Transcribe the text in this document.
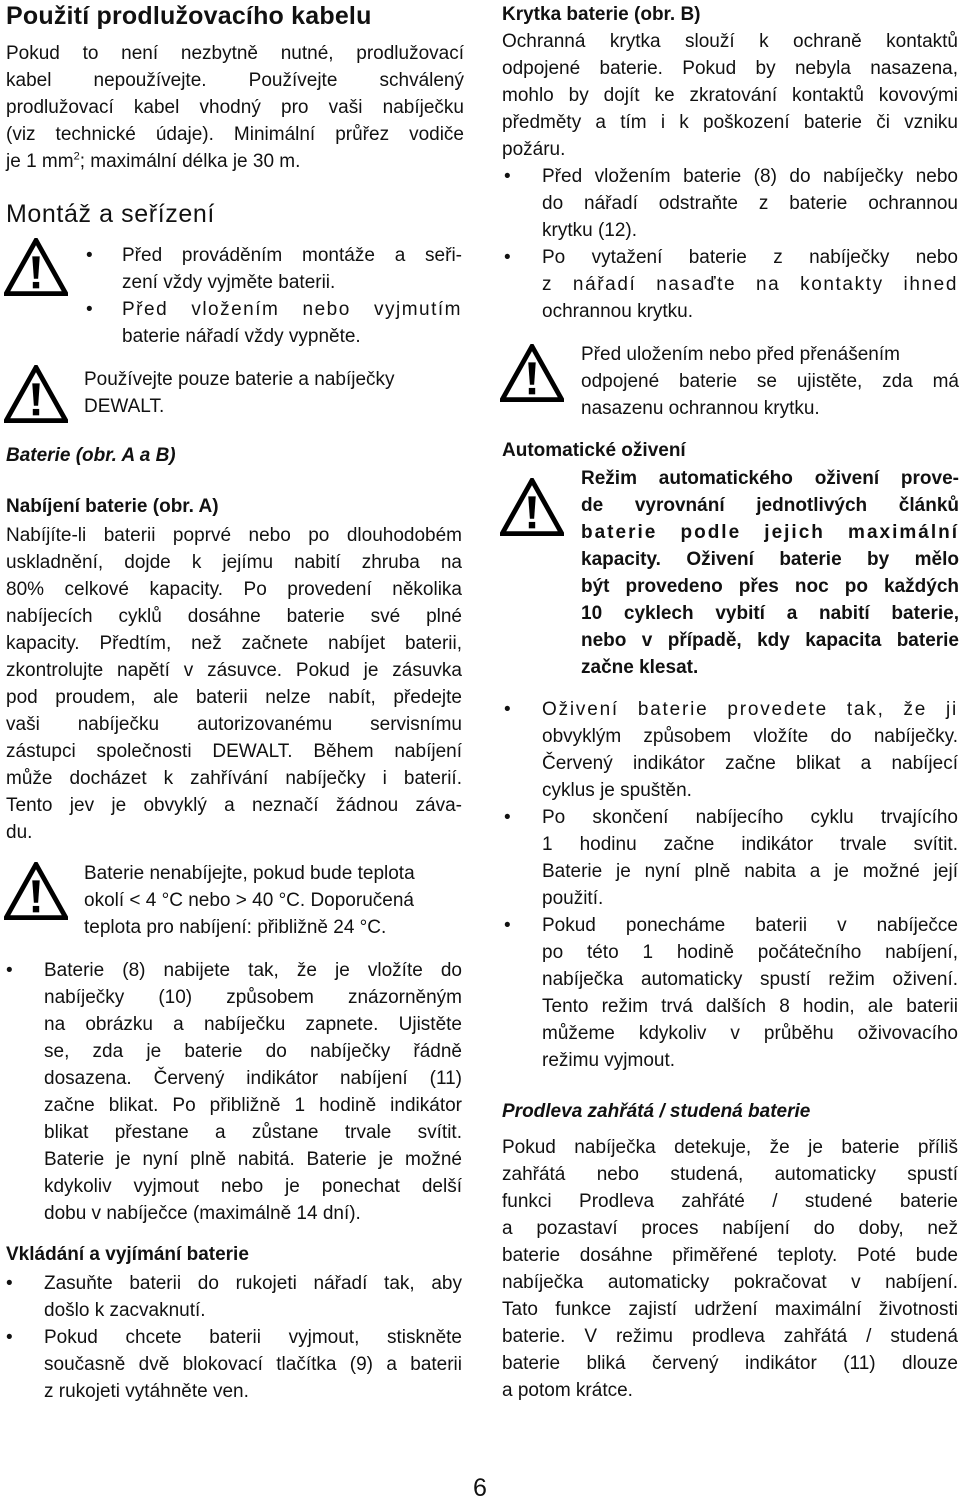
Použití prodlužovacího kabelu
Pokud to není nezbytně nutné, prodlužovací
kabel nepoužívejte. Používejte schválený
prodlužovací kabel vhodný pro vaši nabíječku
(viz technické údaje). Minimální průřez vodiče
je 1 $mm^2$; maximální délka je 30 m.
Montáž a seřízení
• Před prováděním montáže a seři-
zení vždy vyjměte baterii.
• Před vložením nebo vyjmutím
baterie nářadí vždy vypněte.
Používejte pouze baterie a nabíječky
DEWALT.
Baterie (obr. A a B)
Nabíjení baterie (obr. A)
Nabíjíte-li baterii poprvé nebo po dlouhodobém
uskladnění, dojde k jejímu nabití zhruba na
80% celkové kapacity. Po provedení několika
nabíjecích cyklů dosáhne baterie své plné
kapacity. Předtím, než začnete nabíjet baterii,
zkontrolujte napětí v zásuvce. Pokud je zásuvka
pod proudem, ale baterii nelze nabít, předejte
vaši nabíječku autorizovanému servisnímu
zástupci společnosti DEWALT. Během nabíjení
může docházet k zahřívání nabíječky i baterií.
Tento jev je obvyklý a neznačí žádnou záva-
du.
Baterie nenabíjejte, pokud bude teplota
okolí < 4 °C nebo > 40 °C. Doporučená
teplota pro nabíjení: přibližně 24 °C.
• Baterie (8) nabijete tak, že je vložíte do
nabíječky (10) způsobem znázorněným
na obrázku a nabíječku zapnete. Ujistěte
se, zda je baterie do nabíječky řádně
dosazena. Červený indikátor nabíjení (11)
začne blikat. Po přibližně 1 hodině indikátor
blikat přestane a zůstane trvale svítit.
Baterie je nyní plně nabitá. Baterie je možné
kdykoliv vyjmout nebo je ponechat delší
dobu v nabíječce (maximálně 14 dní).
Vkládání a vyjímání baterie
• Zasuňte baterii do rukojeti nářadí tak, aby
došlo k zacvaknutí.
• Pokud chcete baterii vyjmout, stiskněte
současně dvě blokovací tlačítka (9) a baterii
z rukojeti vytáhněte ven.
Krytka baterie (obr. B)
Ochranná krytka slouží k ochraně kontaktů
odpojené baterie. Pokud by nebyla nasazena,
mohlo by dojít ke zkratování kontaktů kovovými
předměty a tím i k poškození baterie či vzniku
požáru.
• Před vložením baterie (8) do nabíječky nebo
do nářadí odstraňte z baterie ochrannou
krytku (12).
• Po vytažení baterie z nabíječky nebo
z nářadí nasaďte na kontakty ihned
ochrannou krytku.
Před uložením nebo před přenášením
odpojené baterie se ujistěte, zda má
nasazenu ochrannou krytku.
Automatické oživení
Režim automatického oživení prove-
de vyrovnání jednotlivých článků
baterie podle jejich maximální
kapacity. Oživení baterie by mělo
být provedeno přes noc po každých
10 cyklech vybití a nabití baterie,
nebo v případě, kdy kapacita baterie
začne klesat.
• Oživení baterie provedete tak, že ji
obvyklým způsobem vložíte do nabíječky.
Červený indikátor začne blikat a nabíjecí
cyklus je spuštěn.
• Po skončení nabíjecího cyklu trvajícího
1 hodinu začne indikátor trvale svítit.
Baterie je nyní plně nabita a je možné její
použití.
• Pokud ponecháme baterii v nabíječce
po této 1 hodině počátečního nabíjení,
nabíječka automaticky spustí režim oživení.
Tento režim trvá dalších 8 hodin, ale baterii
můžeme kdykoliv v průběhu oživovacího
režimu vyjmout.
Prodleva zahřátá / studená baterie
Pokud nabíječka detekuje, že je baterie příliš
zahřátá nebo studená, automaticky spustí
funkci Prodleva zahřáté / studené baterie
a pozastaví proces nabíjení do doby, než
baterie dosáhne přiměřené teploty. Poté bude
nabíječka automaticky pokračovat v nabíjení.
Tato funkce zajistí udržení maximální životnosti
baterie. V režimu prodleva zahřátá / studená
baterie bliká červený indikátor (11) dlouze
a potom krátce.
6
